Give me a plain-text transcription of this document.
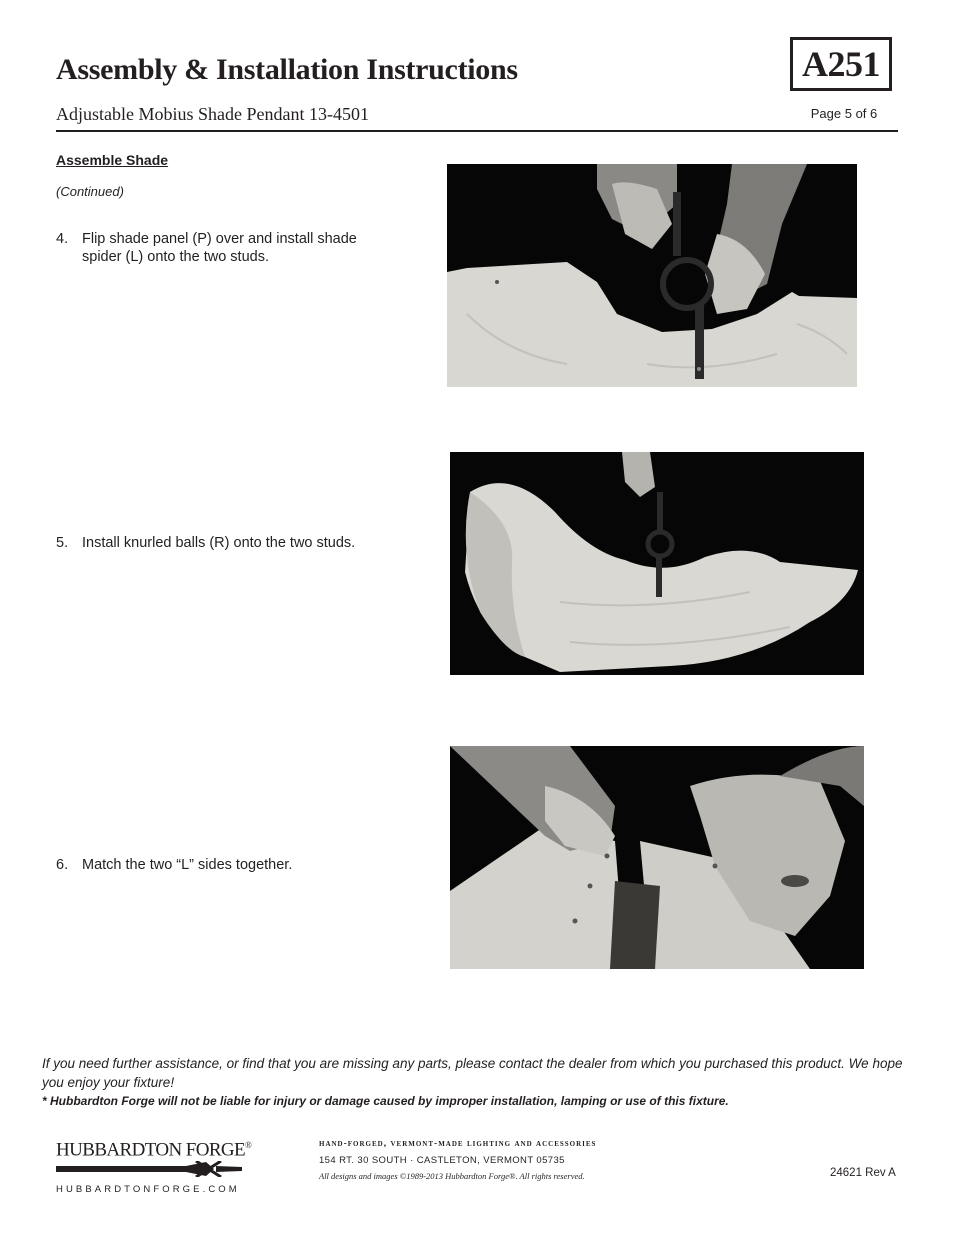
Assembly & Installation Instructions
Adjustable Mobius Shade Pendant 13-4501
A251
Page 5 of 6
Assemble Shade
(Continued)
4. Flip shade panel (P) over and install shade spider (L) onto the two studs.
5. Install knurled balls (R) onto the two studs.
6. Match the two “L” sides together.
If you need further assistance, or find that you are missing any parts, please contact the dealer from which you purchased this product. We hope you enjoy your fixture!
* Hubbardton Forge will not be liable for injury or damage caused by improper installation, lamping or use of this fixture.
HUBBARDTON FORGE®
HUBBARDTONFORGE.COM
hand-forged, vermont-made lighting and accessories
154 RT. 30 SOUTH · CASTLETON, VERMONT 05735
All designs and images ©1989-2013 Hubbardton Forge®. All rights reserved.	24621 Rev A
